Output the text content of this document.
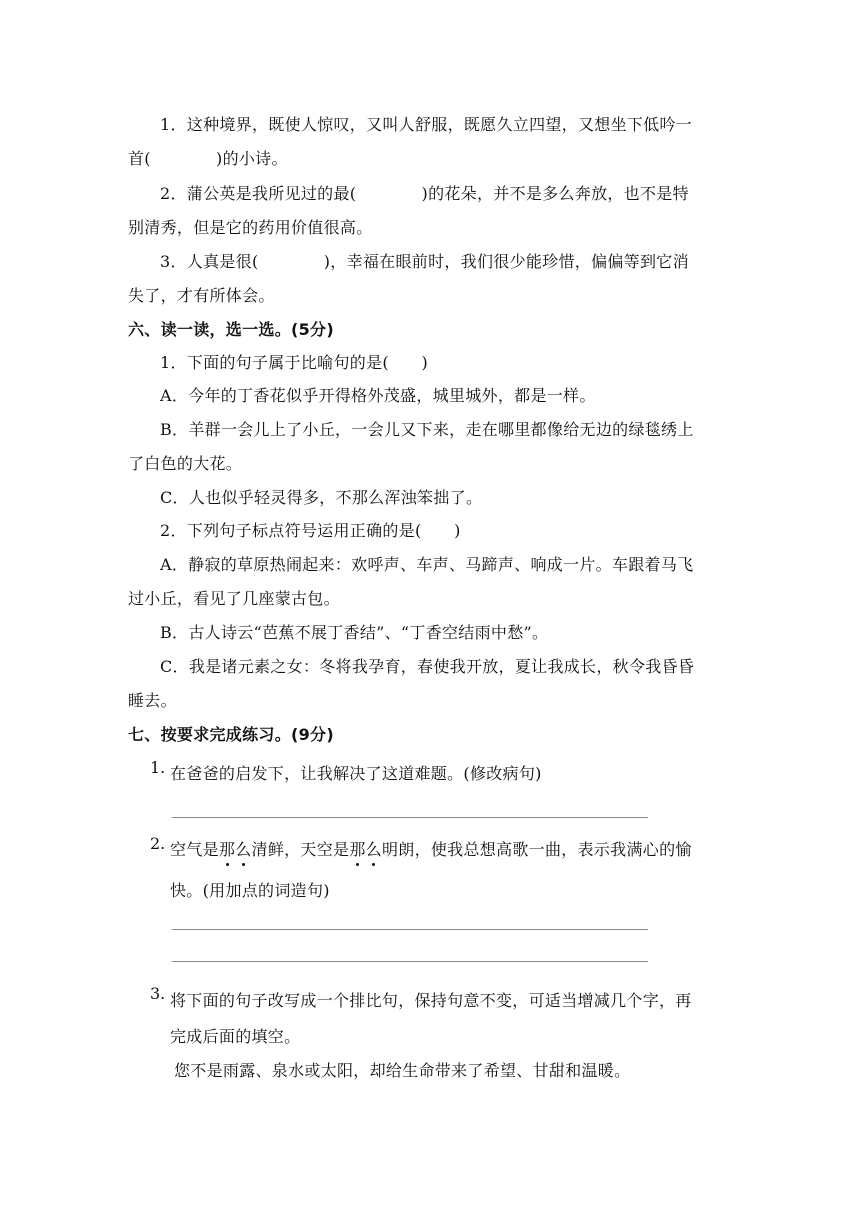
1．这种境界，既使人惊叹，又叫人舒服，既愿久立四望，又想坐下低吟一
首(　　　　)的小诗。
2．蒲公英是我所见过的最(　　　　)的花朵，并不是多么奔放，也不是特
别清秀，但是它的药用价值很高。
3．人真是很(　　　　)，幸福在眼前时，我们很少能珍惜，偏偏等到它消
失了，才有所体会。
六、读一读，选一选。(5分)
1．下面的句子属于比喻句的是(　　)
A．今年的丁香花似乎开得格外茂盛，城里城外，都是一样。
B．羊群一会儿上了小丘，一会儿又下来，走在哪里都像给无边的绿毯绣上
了白色的大花。
C．人也似乎轻灵得多，不那么浑浊笨拙了。
2．下列句子标点符号运用正确的是(　　)
A．静寂的草原热闹起来：欢呼声、车声、马蹄声、响成一片。车跟着马飞
过小丘，看见了几座蒙古包。
B．古人诗云“芭蕉不展丁香结”、“丁香空结雨中愁”。
C．我是诸元素之女：冬将我孕育，春使我开放，夏让我成长，秋令我昏昏
睡去。
七、按要求完成练习。(9分)
1. 在爸爸的启发下，让我解决了这道难题。(修改病句)
2. 空气是那么清鲜，天空是那么明朗，使我总想高歌一曲，表示我满心的愉
快。(用加点的词造句)
3. 将下面的句子改写成一个排比句，保持句意不变，可适当增减几个字，再
完成后面的填空。
您不是雨露、泉水或太阳，却给生命带来了希望、甘甜和温暖。
